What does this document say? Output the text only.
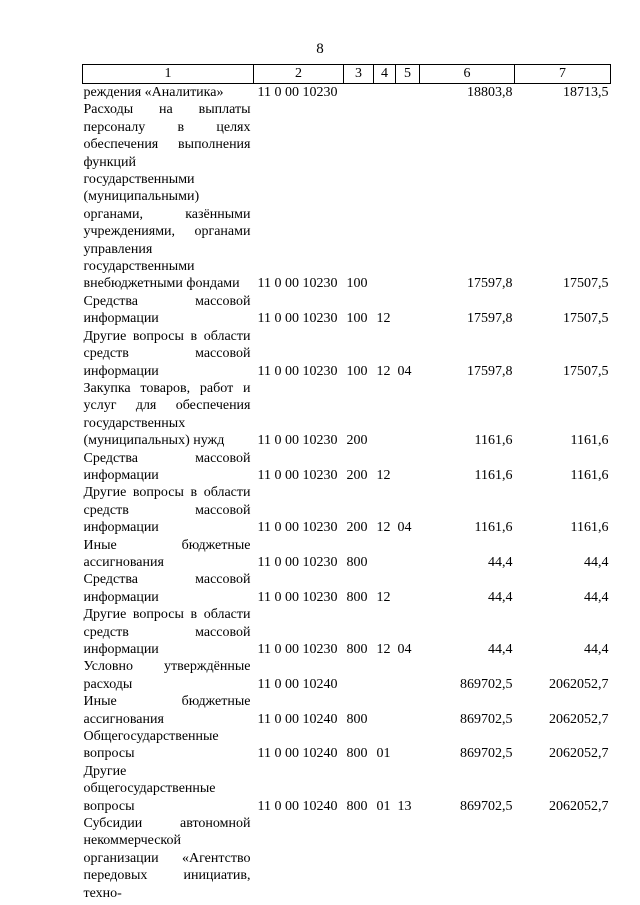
8
1	2	3	4	5	6	7
реждения «Аналитика»	11 0 00 10230				18803,8	18713,5
Расходы на выплаты персоналу в целях обеспечения выполнения функций государственными (муниципальными) органами, казёнными учреждениями, органами управления государственными внебюджетными фондами	11 0 00 10230	100			17597,8	17507,5
Средства массовой информации	11 0 00 10230	100	12		17597,8	17507,5
Другие вопросы в области средств массовой информации	11 0 00 10230	100	12	04	17597,8	17507,5
Закупка товаров, работ и услуг для обеспечения государственных (муниципальных) нужд	11 0 00 10230	200			1161,6	1161,6
Средства массовой информации	11 0 00 10230	200	12		1161,6	1161,6
Другие вопросы в области средств массовой информации	11 0 00 10230	200	12	04	1161,6	1161,6
Иные бюджетные ассигнования	11 0 00 10230	800			44,4	44,4
Средства массовой информации	11 0 00 10230	800	12		44,4	44,4
Другие вопросы в области средств массовой информации	11 0 00 10230	800	12	04	44,4	44,4
Условно утверждённые расходы	11 0 00 10240				869702,5	2062052,7
Иные бюджетные ассигнования	11 0 00 10240	800			869702,5	2062052,7
Общегосударственные вопросы	11 0 00 10240	800	01		869702,5	2062052,7
Другие общегосударственные вопросы	11 0 00 10240	800	01	13	869702,5	2062052,7
Субсидии автономной некоммерческой организации «Агентство передовых инициатив, техно-						
